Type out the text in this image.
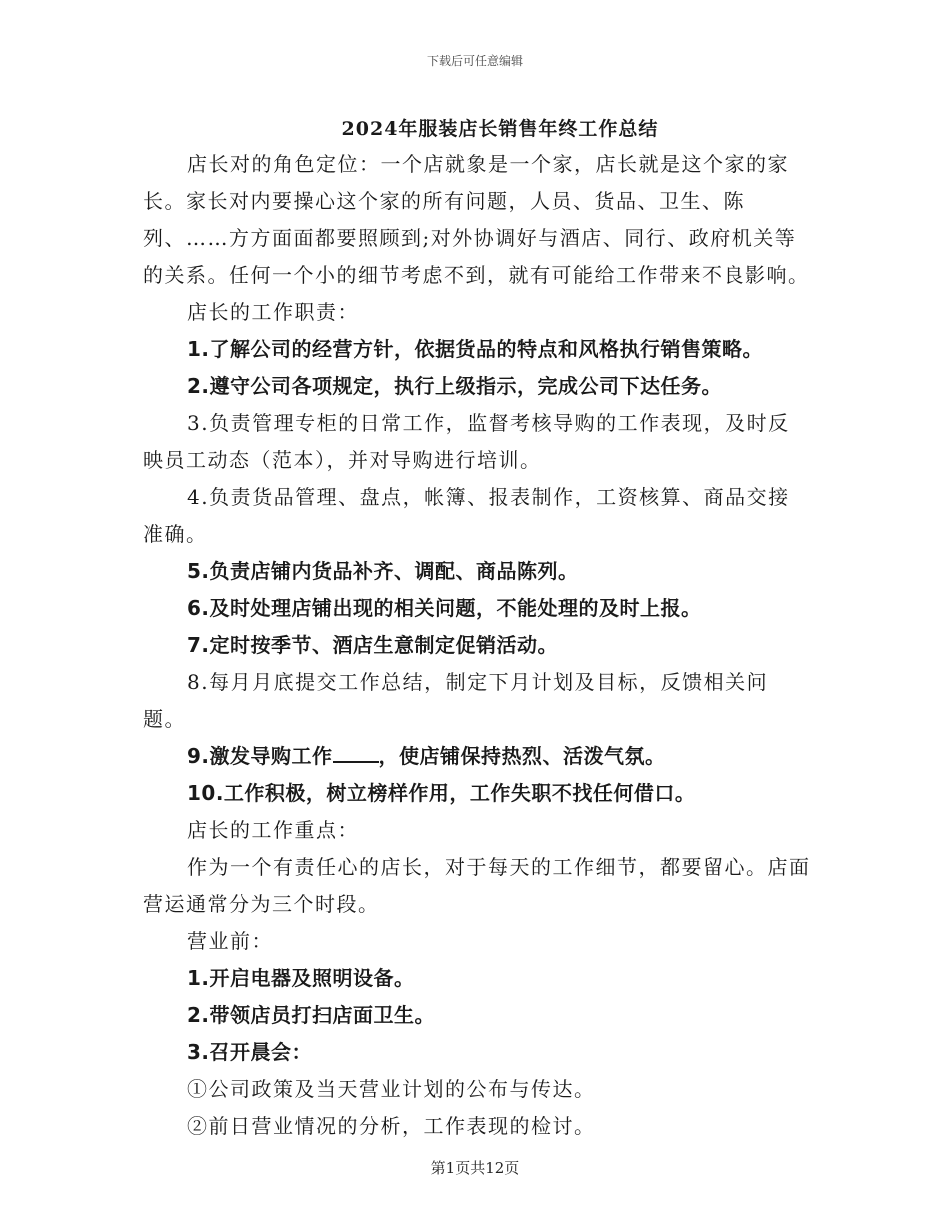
下载后可任意编辑
2024年服装店长销售年终工作总结

店长对的角色定位：一个店就象是一个家，店长就是这个家的家长。家长对内要操心这个家的所有问题，人员、货品、卫生、陈列、……方方面面都要照顾到;对外协调好与酒店、同行、政府机关等的关系。任何一个小的细节考虑不到，就有可能给工作带来不良影响。

店长的工作职责：

1.了解公司的经营方针，依据货品的特点和风格执行销售策略。

2.遵守公司各项规定，执行上级指示，完成公司下达任务。

3.负责管理专柜的日常工作，监督考核导购的工作表现，及时反映员工动态（范本），并对导购进行培训。

4.负责货品管理、盘点，帐簿、报表制作，工资核算、商品交接准确。

5.负责店铺内货品补齐、调配、商品陈列。

6.及时处理店铺出现的相关问题，不能处理的及时上报。

7.定时按季节、酒店生意制定促销活动。

8.每月月底提交工作总结，制定下月计划及目标，反馈相关问题。

9.激发导购工作 ，使店铺保持热烈、活泼气氛。

10.工作积极，树立榜样作用，工作失职不找任何借口。

店长的工作重点：

作为一个有责任心的店长，对于每天的工作细节，都要留心。店面营运通常分为三个时段。

营业前：

1.开启电器及照明设备。

2.带领店员打扫店面卫生。

3.召开晨会：

①公司政策及当天营业计划的公布与传达。

②前日营业情况的分析，工作表现的检讨。

第1页共12页
